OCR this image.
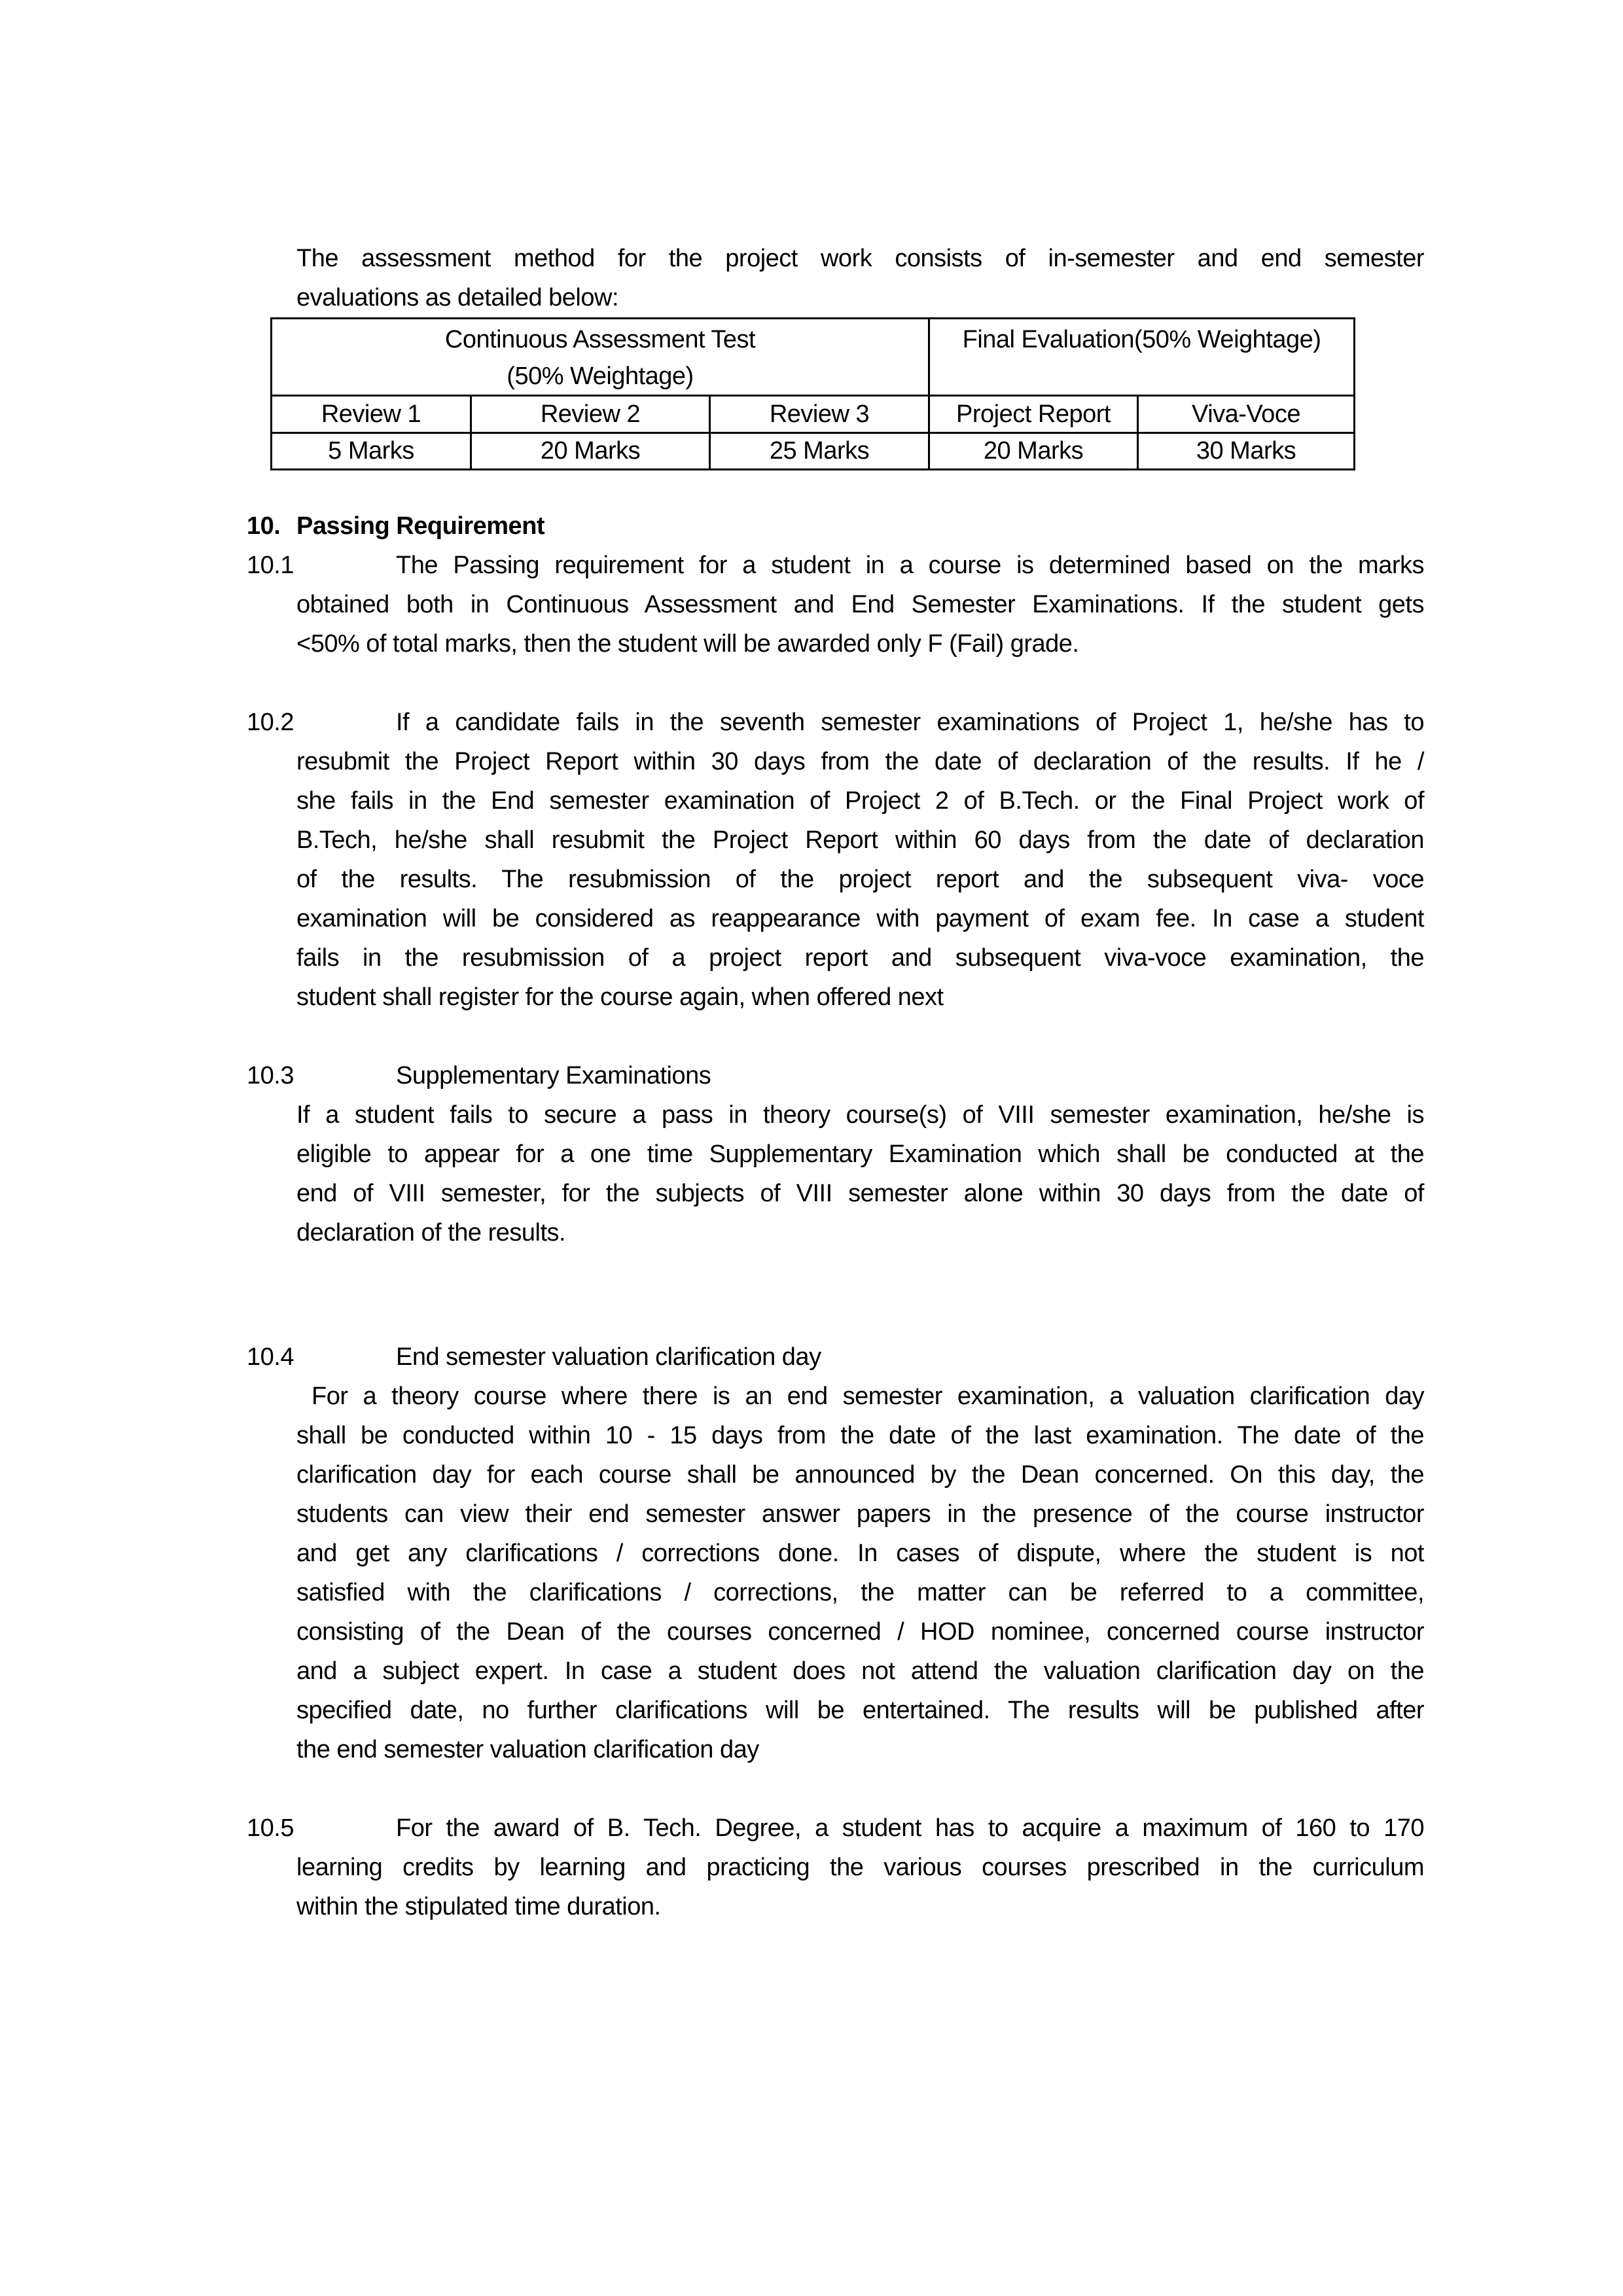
The assessment method for the project work consists of in-semester and end semester
evaluations as detailed below:
Continuous Assessment Test
(50% Weightage)			Final Evaluation(50% Weightage)	

Review 1	Review 2	Review 3	Project Report	Viva-Voce
5 Marks	20 Marks	25 Marks	20 Marks	30 Marks
10. Passing Requirement
10.1	The Passing requirement for a student in a course is determined based on the marks
obtained both in Continuous Assessment and End Semester Examinations. If the student gets
<50% of total marks, then the student will be awarded only F (Fail) grade.
10.2	If a candidate fails in the seventh semester examinations of Project 1, he/she has to
resubmit the Project Report within 30 days from the date of declaration of the results. If he /
she fails in the End semester examination of Project 2 of B.Tech. or the Final Project work of
B.Tech, he/she shall resubmit the Project Report within 60 days from the date of declaration
of the results. The resubmission of the project report and the subsequent viva- voce
examination will be considered as reappearance with payment of exam fee. In case a student
fails in the resubmission of a project report and subsequent viva-voce examination, the
student shall register for the course again, when offered next
10.3	Supplementary Examinations
If a student fails to secure a pass in theory course(s) of VIII semester examination, he/she is
eligible to appear for a one time Supplementary Examination which shall be conducted at the
end of VIII semester, for the subjects of VIII semester alone within 30 days from the date of
declaration of the results.
10.4	End semester valuation clarification day
For a theory course where there is an end semester examination, a valuation clarification day
shall be conducted within 10 - 15 days from the date of the last examination. The date of the
clarification day for each course shall be announced by the Dean concerned. On this day, the
students can view their end semester answer papers in the presence of the course instructor
and get any clarifications / corrections done. In cases of dispute, where the student is not
satisfied with the clarifications / corrections, the matter can be referred to a committee,
consisting of the Dean of the courses concerned / HOD nominee, concerned course instructor
and a subject expert. In case a student does not attend the valuation clarification day on the
specified date, no further clarifications will be entertained. The results will be published after
the end semester valuation clarification day
10.5	For the award of B. Tech. Degree, a student has to acquire a maximum of 160 to 170
learning credits by learning and practicing the various courses prescribed in the curriculum
within the stipulated time duration.
